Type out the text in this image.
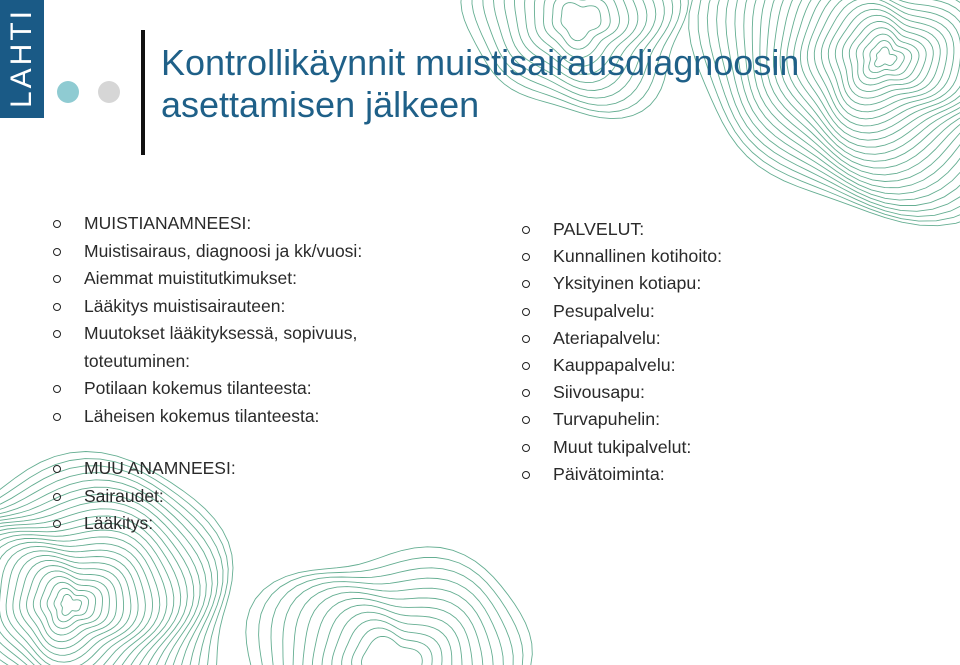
LAHTI	Kontrollikäynnit muistisairausdiagnoosin asettamisen jälkeen
MUISTIANAMNEESI:
Muistisairaus, diagnoosi ja kk/vuosi:
Aiemmat muistitutkimukset:
Lääkitys muistisairauteen:
Muutokset lääkityksessä, sopivuus, toteutuminen:
Potilaan kokemus tilanteesta:
Läheisen kokemus tilanteesta:
MUU ANAMNEESI:
Sairaudet:
Lääkitys:
PALVELUT:
Kunnallinen kotihoito:
Yksityinen kotiapu:
Pesupalvelu:
Ateriapalvelu:
Kauppapalvelu:
Siivousapu:
Turvapuhelin:
Muut tukipalvelut:
Päivätoiminta:
